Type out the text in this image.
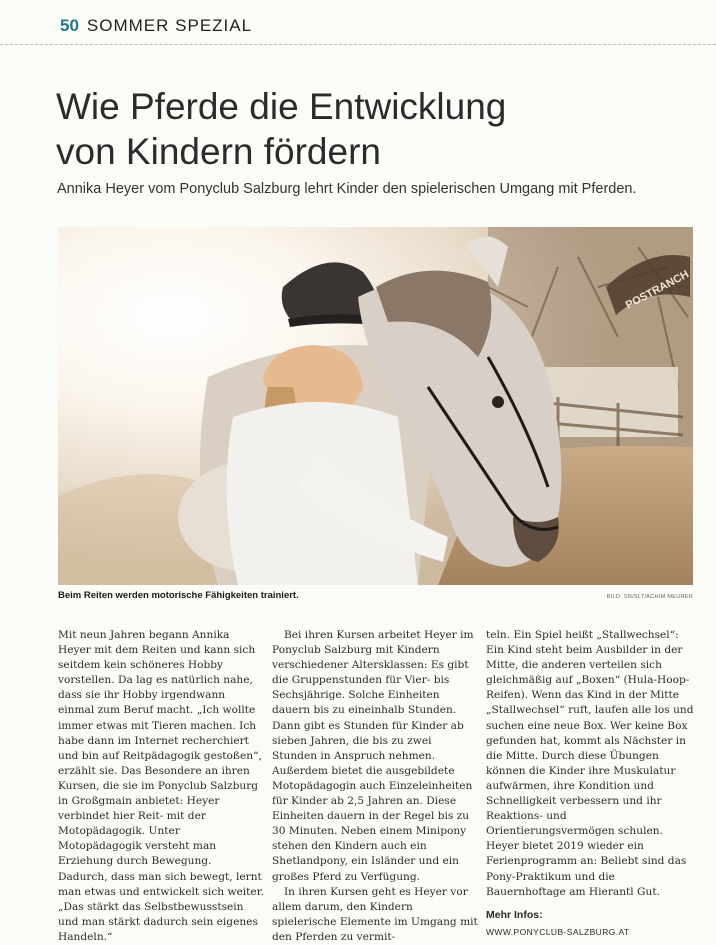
50 SOMMER SPEZIAL
Wie Pferde die Entwicklung
von Kindern fördern
Annika Heyer vom Ponyclub Salzburg lehrt Kinder den spielerischen Umgang mit Pferden.
POSTRANCH
Beim Reiten werden motorische Fähigkeiten trainiert.	BILD: SN/SLT/ACHIM MEURER

Mit neun Jahren begann Annika Heyer mit dem Reiten und kann sich seitdem kein schöneres Hobby vorstellen. Da lag es natürlich nahe, dass sie ihr Hobby irgendwann einmal zum Beruf macht. „Ich wollte immer etwas mit Tieren machen. Ich habe dann im Internet recherchiert und bin auf Reitpädagogik gestoßen“, erzählt sie. Das Besondere an ihren Kursen, die sie im Ponyclub Salzburg in Großgmain anbietet: Heyer verbindet hier Reit- mit der Motopädagogik. Unter Motopädagogik versteht man Erziehung durch Bewegung. Dadurch, dass man sich bewegt, lernt man etwas und entwickelt sich weiter. „Das stärkt das Selbstbewusstsein und man stärkt dadurch sein eigenes Handeln.“

Bei ihren Kursen arbeitet Heyer im Ponyclub Salzburg mit Kindern verschiedener Altersklassen: Es gibt die Gruppenstunden für Vier- bis Sechsjährige. Solche Einheiten dauern bis zu eineinhalb Stunden. Dann gibt es Stunden für Kinder ab sieben Jahren, die bis zu zwei Stunden in Anspruch nehmen. Außerdem bietet die ausgebildete Motopädagogin auch Einzeleinheiten für Kinder ab 2,5 Jahren an. Diese Einheiten dauern in der Regel bis zu 30 Minuten. Neben einem Minipony stehen den Kindern auch ein Shetlandpony, ein Isländer und ein großes Pferd zu Verfügung.

In ihren Kursen geht es Heyer vor allem darum, den Kindern spielerische Elemente im Umgang mit den Pferden zu vermit-

teln. Ein Spiel heißt „Stallwechsel“: Ein Kind steht beim Ausbilder in der Mitte, die anderen verteilen sich gleichmäßig auf „Boxen“ (Hula-Hoop-Reifen). Wenn das Kind in der Mitte „Stallwechsel“ ruft, laufen alle los und suchen eine neue Box. Wer keine Box gefunden hat, kommt als Nächster in die Mitte. Durch diese Übungen können die Kinder ihre Muskulatur aufwärmen, ihre Kondition und Schnelligkeit verbessern und ihr Reaktions- und Orientierungsvermögen schulen. Heyer bietet 2019 wieder ein Ferienprogramm an: Beliebt sind das Pony-Praktikum und die Bauernhoftage am Hierantl Gut.

Mehr Infos:
WWW.PONYCLUB-SALZBURG.AT
